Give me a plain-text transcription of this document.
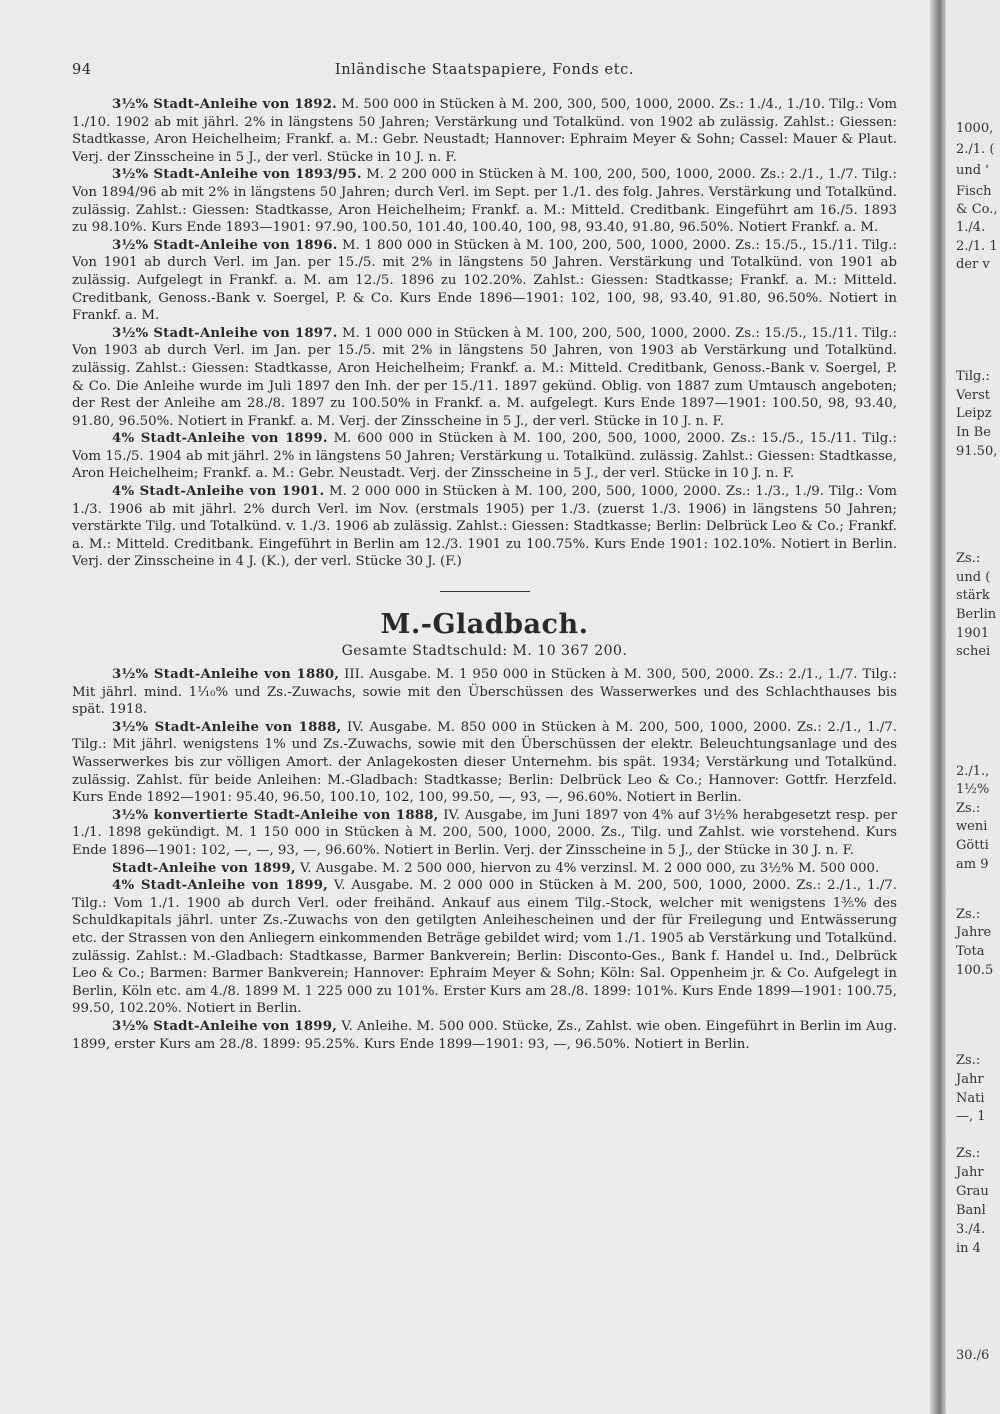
94	Inländische Staatspapiere, Fonds etc.

3½% Stadt-Anleihe von 1892. M. 500 000 in Stücken à M. 200, 300, 500, 1000, 2000. Zs.: 1./4., 1./10. Tilg.: Vom 1./10. 1902 ab mit jährl. 2% in längstens 50 Jahren; Verstärkung und Totalkünd. von 1902 ab zulässig. Zahlst.: Giessen: Stadtkasse, Aron Heichelheim; Frankf. a. M.: Gebr. Neustadt; Hannover: Ephraim Meyer & Sohn; Cassel: Mauer & Plaut. Verj. der Zinsscheine in 5 J., der verl. Stücke in 10 J. n. F.

3½% Stadt-Anleihe von 1893/95. M. 2 200 000 in Stücken à M. 100, 200, 500, 1000, 2000. Zs.: 2./1., 1./7. Tilg.: Von 1894/96 ab mit 2% in längstens 50 Jahren; durch Verl. im Sept. per 1./1. des folg. Jahres. Verstärkung und Totalkünd. zulässig. Zahlst.: Giessen: Stadtkasse, Aron Heichelheim; Frankf. a. M.: Mitteld. Creditbank. Eingeführt am 16./5. 1893 zu 98.10%. Kurs Ende 1893—1901: 97.90, 100.50, 101.40, 100.40, 100, 98, 93.40, 91.80, 96.50%. Notiert Frankf. a. M.

3½% Stadt-Anleihe von 1896. M. 1 800 000 in Stücken à M. 100, 200, 500, 1000, 2000. Zs.: 15./5., 15./11. Tilg.: Von 1901 ab durch Verl. im Jan. per 15./5. mit 2% in längstens 50 Jahren. Verstärkung und Totalkünd. von 1901 ab zulässig. Aufgelegt in Frankf. a. M. am 12./5. 1896 zu 102.20%. Zahlst.: Giessen: Stadtkasse; Frankf. a. M.: Mitteld. Creditbank, Genoss.-Bank v. Soergel, P. & Co. Kurs Ende 1896—1901: 102, 100, 98, 93.40, 91.80, 96.50%. Notiert in Frankf. a. M.

3½% Stadt-Anleihe von 1897. M. 1 000 000 in Stücken à M. 100, 200, 500, 1000, 2000. Zs.: 15./5., 15./11. Tilg.: Von 1903 ab durch Verl. im Jan. per 15./5. mit 2% in längstens 50 Jahren, von 1903 ab Verstärkung und Totalkünd. zulässig. Zahlst.: Giessen: Stadtkasse, Aron Heichelheim; Frankf. a. M.: Mitteld. Creditbank, Genoss.-Bank v. Soergel, P. & Co. Die Anleihe wurde im Juli 1897 den Inh. der per 15./11. 1897 gekünd. Oblig. von 1887 zum Umtausch angeboten; der Rest der Anleihe am 28./8. 1897 zu 100.50% in Frankf. a. M. aufgelegt. Kurs Ende 1897—1901: 100.50, 98, 93.40, 91.80, 96.50%. Notiert in Frankf. a. M. Verj. der Zinsscheine in 5 J., der verl. Stücke in 10 J. n. F.

4% Stadt-Anleihe von 1899. M. 600 000 in Stücken à M. 100, 200, 500, 1000, 2000. Zs.: 15./5., 15./11. Tilg.: Vom 15./5. 1904 ab mit jährl. 2% in längstens 50 Jahren; Verstärkung u. Totalkünd. zulässig. Zahlst.: Giessen: Stadtkasse, Aron Heichelheim; Frankf. a. M.: Gebr. Neustadt. Verj. der Zinsscheine in 5 J., der verl. Stücke in 10 J. n. F.

4% Stadt-Anleihe von 1901. M. 2 000 000 in Stücken à M. 100, 200, 500, 1000, 2000. Zs.: 1./3., 1./9. Tilg.: Vom 1./3. 1906 ab mit jährl. 2% durch Verl. im Nov. (erstmals 1905) per 1./3. (zuerst 1./3. 1906) in längstens 50 Jahren; verstärkte Tilg. und Totalkünd. v. 1./3. 1906 ab zulässig. Zahlst.: Giessen: Stadtkasse; Berlin: Delbrück Leo & Co.; Frankf. a. M.: Mitteld. Creditbank. Eingeführt in Berlin am 12./3. 1901 zu 100.75%. Kurs Ende 1901: 102.10%. Notiert in Berlin. Verj. der Zinsscheine in 4 J. (K.), der verl. Stücke 30 J. (F.)

M.-Gladbach.
Gesamte Stadtschuld: M. 10 367 200.

3½% Stadt-Anleihe von 1880, III. Ausgabe. M. 1 950 000 in Stücken à M. 300, 500, 2000. Zs.: 2./1., 1./7. Tilg.: Mit jährl. mind. 1¹⁄₁₀% und Zs.-Zuwachs, sowie mit den Überschüssen des Wasserwerkes und des Schlachthauses bis spät. 1918.

3½% Stadt-Anleihe von 1888, IV. Ausgabe. M. 850 000 in Stücken à M. 200, 500, 1000, 2000. Zs.: 2./1., 1./7. Tilg.: Mit jährl. wenigstens 1% und Zs.-Zuwachs, sowie mit den Überschüssen der elektr. Beleuchtungsanlage und des Wasserwerkes bis zur völligen Amort. der Anlagekosten dieser Unternehm. bis spät. 1934; Verstärkung und Totalkünd. zulässig. Zahlst. für beide Anleihen: M.-Gladbach: Stadtkasse; Berlin: Delbrück Leo & Co.; Hannover: Gottfr. Herzfeld. Kurs Ende 1892—1901: 95.40, 96.50, 100.10, 102, 100, 99.50, —, 93, —, 96.60%. Notiert in Berlin.

3½% konvertierte Stadt-Anleihe von 1888, IV. Ausgabe, im Juni 1897 von 4% auf 3½% herabgesetzt resp. per 1./1. 1898 gekündigt. M. 1 150 000 in Stücken à M. 200, 500, 1000, 2000. Zs., Tilg. und Zahlst. wie vorstehend. Kurs Ende 1896—1901: 102, —, —, 93, —, 96.60%. Notiert in Berlin. Verj. der Zinsscheine in 5 J., der Stücke in 30 J. n. F.

Stadt-Anleihe von 1899, V. Ausgabe. M. 2 500 000, hiervon zu 4% verzinsl. M. 2 000 000, zu 3½% M. 500 000.

4% Stadt-Anleihe von 1899, V. Ausgabe. M. 2 000 000 in Stücken à M. 200, 500, 1000, 2000. Zs.: 2./1., 1./7. Tilg.: Vom 1./1. 1900 ab durch Verl. oder freihänd. Ankauf aus einem Tilg.-Stock, welcher mit wenigstens 1³⁄₅% des Schuldkapitals jährl. unter Zs.-Zuwachs von den getilgten Anleihescheinen und der für Freilegung und Entwässerung etc. der Strassen von den Anliegern einkommenden Beträge gebildet wird; vom 1./1. 1905 ab Verstärkung und Totalkünd. zulässig. Zahlst.: M.-Gladbach: Stadtkasse, Barmer Bankverein; Berlin: Disconto-Ges., Bank f. Handel u. Ind., Delbrück Leo & Co.; Barmen: Barmer Bankverein; Hannover: Ephraim Meyer & Sohn; Köln: Sal. Oppenheim jr. & Co. Aufgelegt in Berlin, Köln etc. am 4./8. 1899 M. 1 225 000 zu 101%. Erster Kurs am 28./8. 1899: 101%. Kurs Ende 1899—1901: 100.75, 99.50, 102.20%. Notiert in Berlin.

3½% Stadt-Anleihe von 1899, V. Anleihe. M. 500 000. Stücke, Zs., Zahlst. wie oben. Eingeführt in Berlin im Aug. 1899, erster Kurs am 28./8. 1899: 95.25%. Kurs Ende 1899—1901: 93, —, 96.50%. Notiert in Berlin.

1000,
2./1. (
und '
Fisch
& Co.,
1./4.
2./1. 1
der v
Tilg.:
Verst
Leipz
In Be
91.50,
Zs.:
und (
stärk
Berlin
1901
schei
2./1.,
1½%
Zs.:
weni
Götti
am 9
Zs.:
Jahre
Tota
100.5
Zs.:
Jahr
Nati
—, 1
Zs.:
Jahr
Grau
Banl
3./4.
in 4
30./6
